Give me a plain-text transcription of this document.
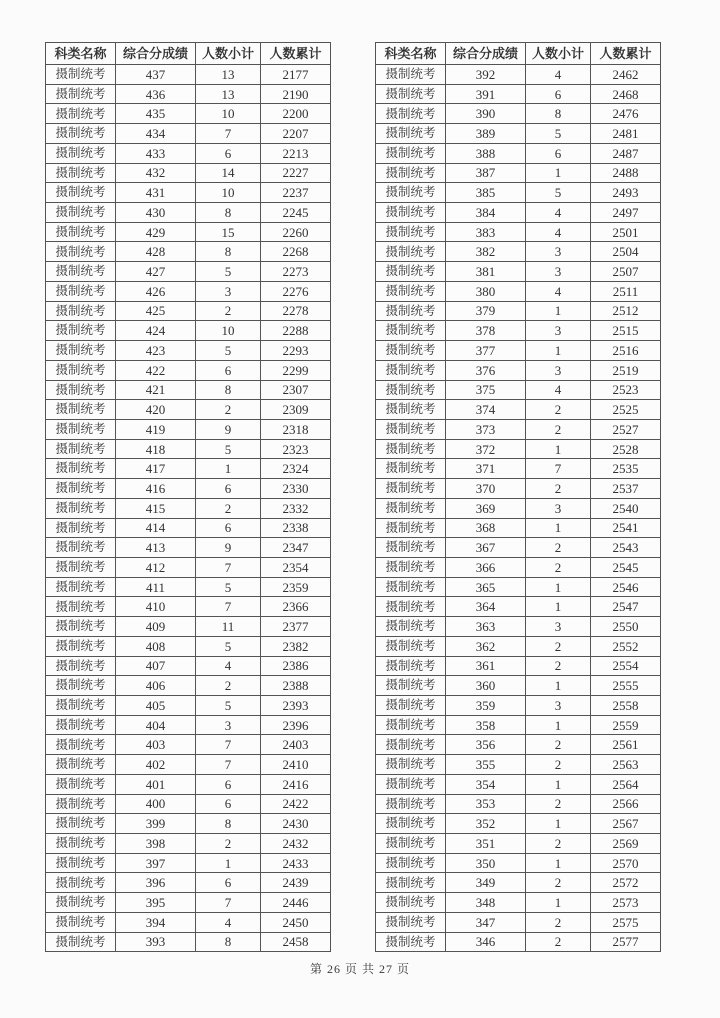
科类名称	综合分成绩	人数小计	人数累计
摄制统考	437	13	2177
摄制统考	436	13	2190
摄制统考	435	10	2200
摄制统考	434	7	2207
摄制统考	433	6	2213
摄制统考	432	14	2227
摄制统考	431	10	2237
摄制统考	430	8	2245
摄制统考	429	15	2260
摄制统考	428	8	2268
摄制统考	427	5	2273
摄制统考	426	3	2276
摄制统考	425	2	2278
摄制统考	424	10	2288
摄制统考	423	5	2293
摄制统考	422	6	2299
摄制统考	421	8	2307
摄制统考	420	2	2309
摄制统考	419	9	2318
摄制统考	418	5	2323
摄制统考	417	1	2324
摄制统考	416	6	2330
摄制统考	415	2	2332
摄制统考	414	6	2338
摄制统考	413	9	2347
摄制统考	412	7	2354
摄制统考	411	5	2359
摄制统考	410	7	2366
摄制统考	409	11	2377
摄制统考	408	5	2382
摄制统考	407	4	2386
摄制统考	406	2	2388
摄制统考	405	5	2393
摄制统考	404	3	2396
摄制统考	403	7	2403
摄制统考	402	7	2410
摄制统考	401	6	2416
摄制统考	400	6	2422
摄制统考	399	8	2430
摄制统考	398	2	2432
摄制统考	397	1	2433
摄制统考	396	6	2439
摄制统考	395	7	2446
摄制统考	394	4	2450
摄制统考	393	8	2458
科类名称	综合分成绩	人数小计	人数累计
摄制统考	392	4	2462
摄制统考	391	6	2468
摄制统考	390	8	2476
摄制统考	389	5	2481
摄制统考	388	6	2487
摄制统考	387	1	2488
摄制统考	385	5	2493
摄制统考	384	4	2497
摄制统考	383	4	2501
摄制统考	382	3	2504
摄制统考	381	3	2507
摄制统考	380	4	2511
摄制统考	379	1	2512
摄制统考	378	3	2515
摄制统考	377	1	2516
摄制统考	376	3	2519
摄制统考	375	4	2523
摄制统考	374	2	2525
摄制统考	373	2	2527
摄制统考	372	1	2528
摄制统考	371	7	2535
摄制统考	370	2	2537
摄制统考	369	3	2540
摄制统考	368	1	2541
摄制统考	367	2	2543
摄制统考	366	2	2545
摄制统考	365	1	2546
摄制统考	364	1	2547
摄制统考	363	3	2550
摄制统考	362	2	2552
摄制统考	361	2	2554
摄制统考	360	1	2555
摄制统考	359	3	2558
摄制统考	358	1	2559
摄制统考	356	2	2561
摄制统考	355	2	2563
摄制统考	354	1	2564
摄制统考	353	2	2566
摄制统考	352	1	2567
摄制统考	351	2	2569
摄制统考	350	1	2570
摄制统考	349	2	2572
摄制统考	348	1	2573
摄制统考	347	2	2575
摄制统考	346	2	2577
第 26 页 共 27 页
